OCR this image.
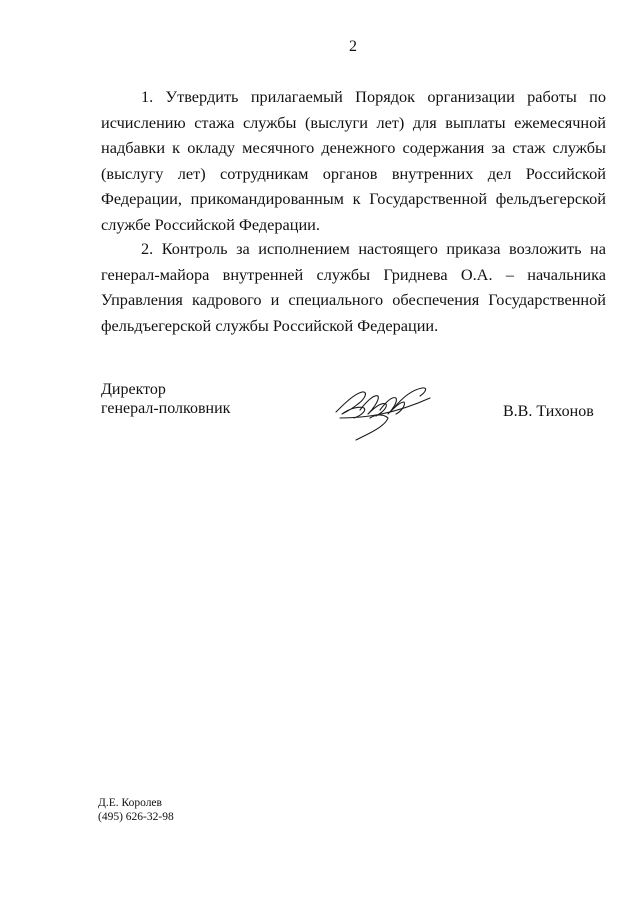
2

1. Утвердить прилагаемый Порядок организации работы по исчислению стажа службы (выслуги лет) для выплаты ежемесячной надбавки к окладу месячного денежного содержания за стаж службы (выслугу лет) сотрудникам органов внутренних дел Российской Федерации, прикомандированным к Государственной фельдъегерской службе Российской Федерации.

2. Контроль за исполнением настоящего приказа возложить на генерал-майора внутренней службы Гриднева О.А. – начальника Управления кадрового и специального обеспечения Государственной фельдъегерской службы Российской Федерации.

Директор
генерал-полковник	В.В. Тихонов
Д.Е. Королев
(495) 626-32-98
